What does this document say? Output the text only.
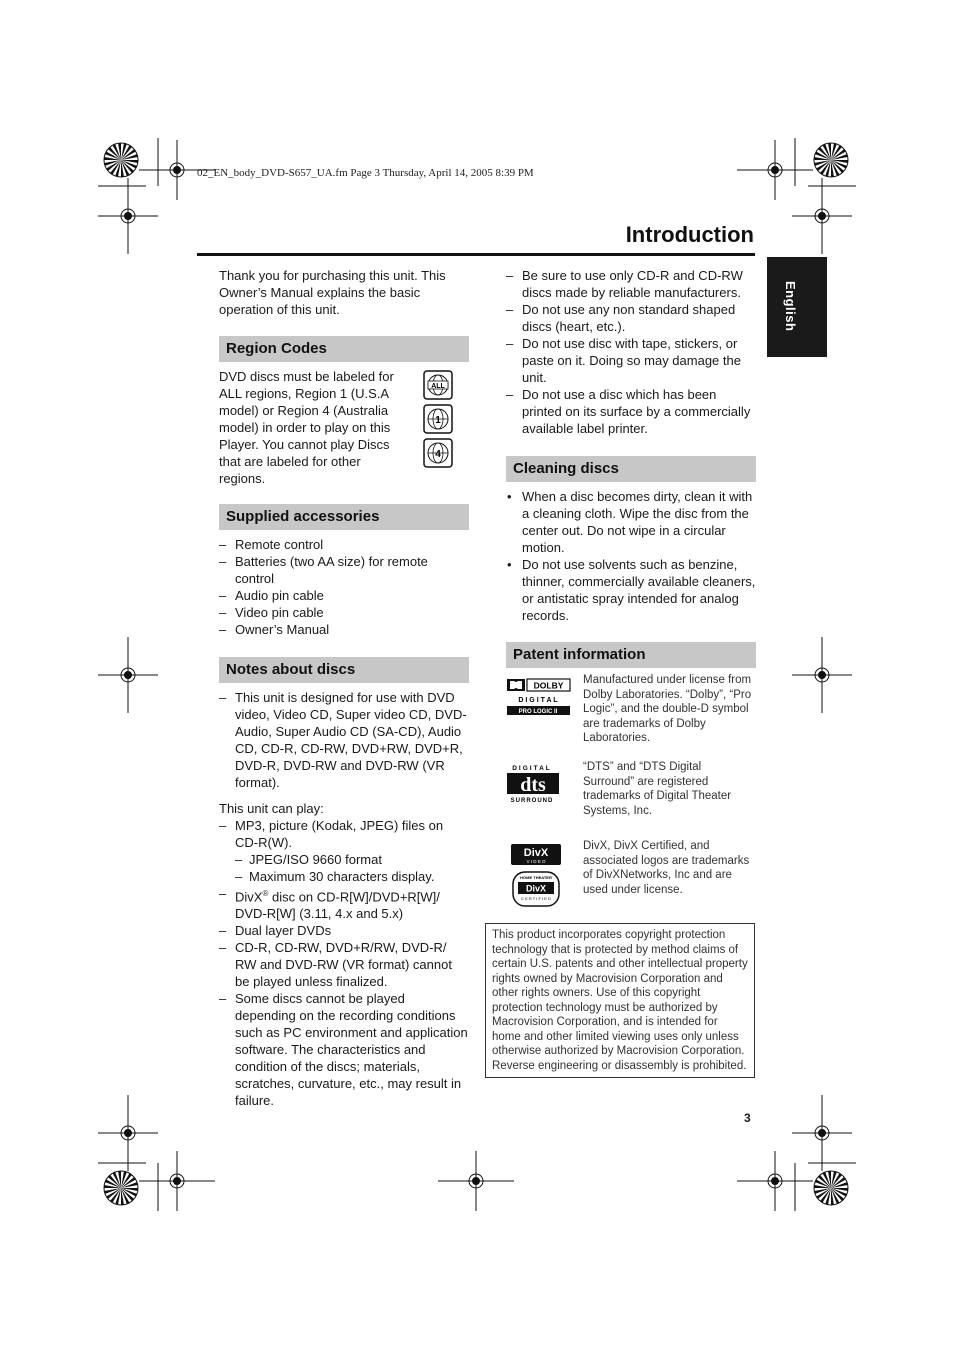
02_EN_body_DVD-S657_UA.fm Page 3 Thursday, April 14, 2005 8:39 PM
Introduction
English

Thank you for purchasing this unit. This Owner’s Manual explains the basic operation of this unit.

Region Codes

DVD discs must be labeled for ALL regions, Region 1 (U.S.A model) or Region 4 (Australia model) in order to play on this Player. You cannot play Discs that are labeled for other regions.

ALL
1
4
Supplied accessories
– Remote control
– Batteries (two AA size) for remote control
– Audio pin cable
– Video pin cable
– Owner’s Manual
Notes about discs
– This unit is designed for use with DVD video, Video CD, Super video CD, DVD-Audio, Super Audio CD (SA-CD), Audio CD, CD-R, CD-RW, DVD+RW, DVD+R, DVD-R, DVD-RW and DVD-RW (VR format).

This unit can play:

– MP3, picture (Kodak, JPEG) files on CD-R(W).
– JPEG/ISO 9660 format
– Maximum 30 characters display.
– DivX® disc on CD-R[W]/DVD+R[W]/ DVD-R[W] (3.11, 4.x and 5.x)
– Dual layer DVDs
– CD-R, CD-RW, DVD+R/RW, DVD-R/ RW and DVD-RW (VR format) cannot be played unless finalized.
– Some discs cannot be played depending on the recording conditions such as PC environment and application software. The characteristics and condition of the discs; materials, scratches, curvature, etc., may result in failure.
– Be sure to use only CD-R and CD-RW discs made by reliable manufacturers.
– Do not use any non standard shaped discs (heart, etc.).
– Do not use disc with tape, stickers, or paste on it. Doing so may damage the unit.
– Do not use a disc which has been printed on its surface by a commercially available label printer.
Cleaning discs
• When a disc becomes dirty, clean it with a cleaning cloth. Wipe the disc from the center out. Do not wipe in a circular motion.
• Do not use solvents such as benzine, thinner, commercially available cleaners, or antistatic spray intended for analog records.
Patent information
DOLBY
D I G I T A L
PRO LOGIC II

Manufactured under license from Dolby Laboratories. “Dolby”, “Pro Logic”, and the double-D symbol are trademarks of Dolby Laboratories.

DIGITAL
dts
SURROUND

“DTS” and “DTS Digital Surround” are registered trademarks of Digital Theater Systems, Inc.

DivX
V I D E O
HOME THEATER
DivX
C E R T I F I E D

DivX, DivX Certified, and associated logos are trademarks of DivXNetworks, Inc and are used under license.

This product incorporates copyright protection technology that is protected by method claims of certain U.S. patents and other intellectual property rights owned by Macrovision Corporation and other rights owners. Use of this copyright protection technology must be authorized by Macrovision Corporation, and is intended for home and other limited viewing uses only unless otherwise authorized by Macrovision Corporation. Reverse engineering or disassembly is prohibited.
3
